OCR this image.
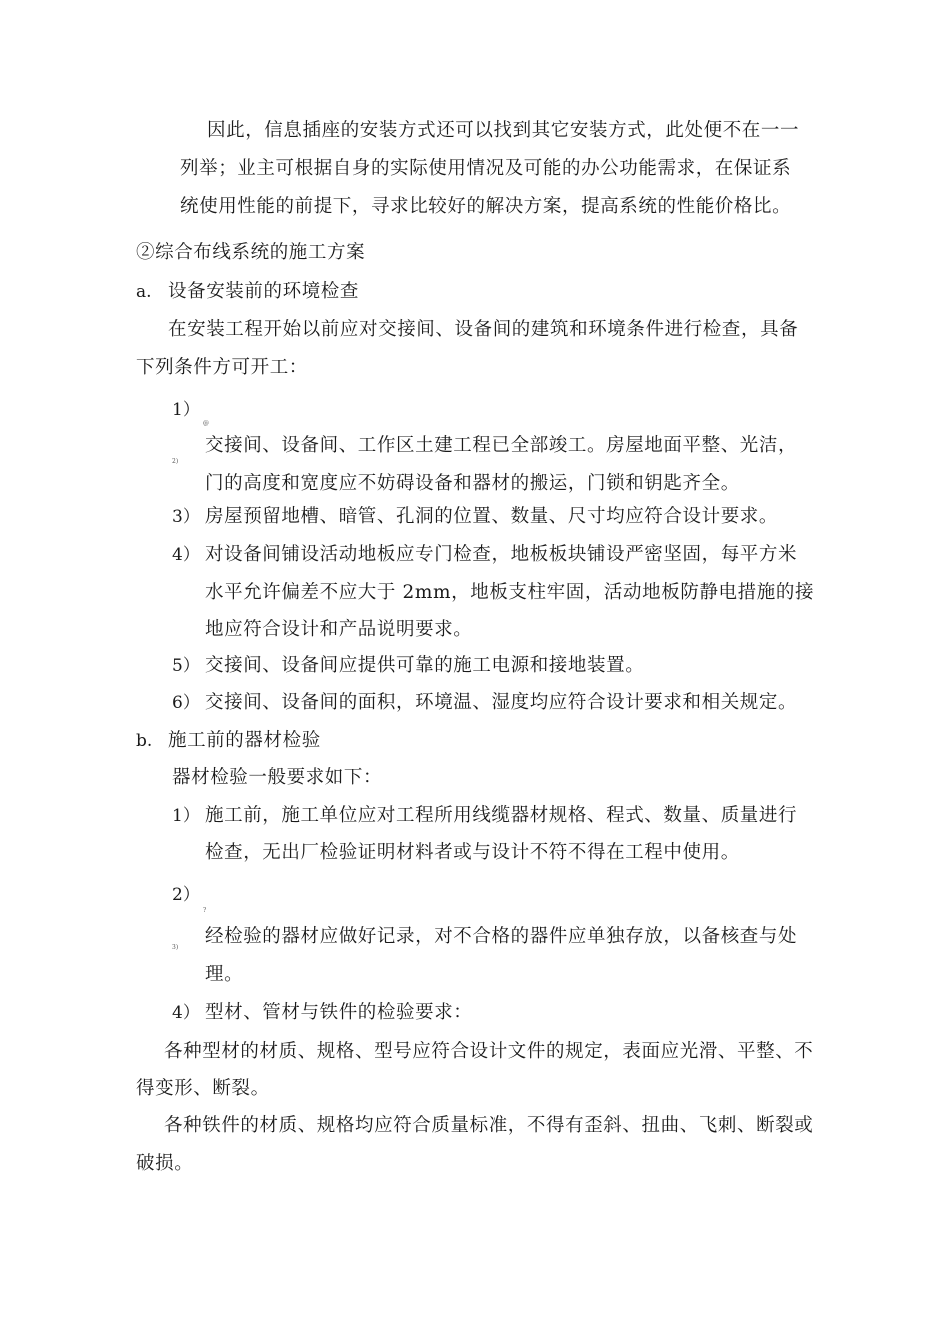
因此，信息插座的安装方式还可以找到其它安装方式，此处便不在一一
列举；业主可根据自身的实际使用情况及可能的办公功能需求，在保证系
统使用性能的前提下，寻求比较好的解决方案，提高系统的性能价格比。
②综合布线系统的施工方案
a. 设备安装前的环境检查
在安装工程开始以前应对交接间、设备间的建筑和环境条件进行检查，具备
下列条件方可开工：
1）
@
2)
交接间、设备间、工作区土建工程已全部竣工。房屋地面平整、光洁，
门的高度和宽度应不妨碍设备和器材的搬运，门锁和钥匙齐全。
3） 房屋预留地槽、暗管、孔洞的位置、数量、尺寸均应符合设计要求。
4） 对设备间铺设活动地板应专门检查，地板板块铺设严密坚固，每平方米
水平允许偏差不应大于 2mm，地板支柱牢固，活动地板防静电措施的接
地应符合设计和产品说明要求。
5） 交接间、设备间应提供可靠的施工电源和接地装置。
6） 交接间、设备间的面积，环境温、湿度均应符合设计要求和相关规定。
b. 施工前的器材检验
器材检验一般要求如下：
1） 施工前，施工单位应对工程所用线缆器材规格、程式、数量、质量进行
检查，无出厂检验证明材料者或与设计不符不得在工程中使用。
2）
?
3)
经检验的器材应做好记录，对不合格的器件应单独存放，以备核查与处
理。
4） 型材、管材与铁件的检验要求：
各种型材的材质、规格、型号应符合设计文件的规定，表面应光滑、平整、不
得变形、断裂。
各种铁件的材质、规格均应符合质量标准，不得有歪斜、扭曲、飞刺、断裂或
破损。
